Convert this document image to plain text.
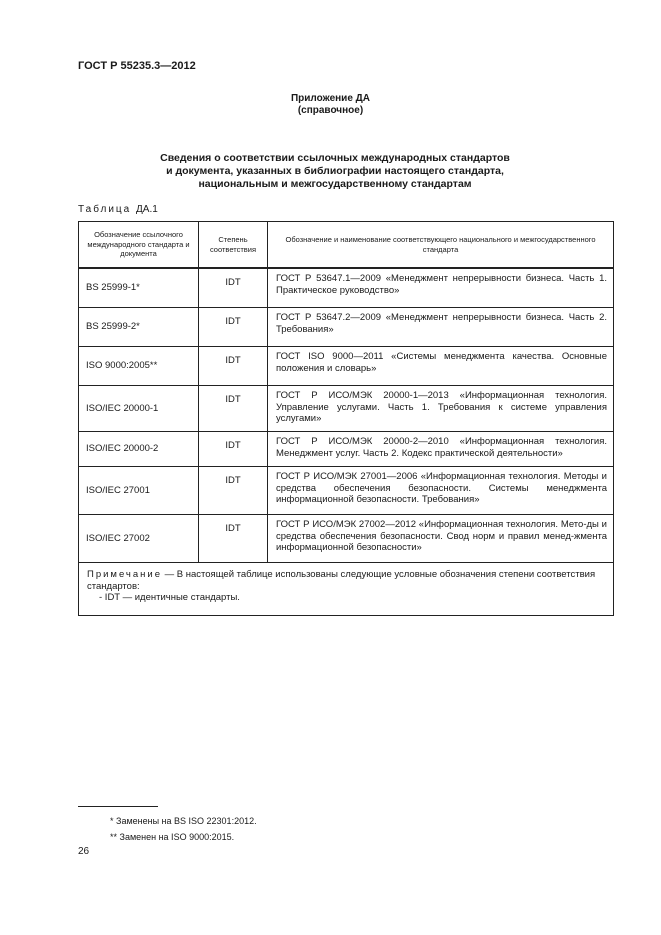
ГОСТ Р 55235.3—2012
Приложение ДА
(справочное)
Сведения о соответствии ссылочных международных стандартов
и документа, указанных в библиографии настоящего стандарта,
национальным и межгосударственному стандартам
Таблица ДА.1
Обозначение ссылочного международного стандарта и документа	Степень соответствия	Обозначение и наименование соответствующего национального и межгосударственного стандарта
BS 25999-1*	IDT	ГОСТ Р 53647.1—2009 «Менеджмент непрерывности бизнеса. Часть 1. Практическое руководство»
BS 25999-2*	IDT	ГОСТ Р 53647.2—2009 «Менеджмент непрерывности бизнеса. Часть 2. Требования»
ISO 9000:2005**	IDT	ГОСТ ISO 9000—2011 «Системы менеджмента качества. Основные положения и словарь»
ISO/IEC 20000-1	IDT	ГОСТ Р ИСО/МЭК 20000-1—2013 «Информационная технология. Управление услугами. Часть 1. Требования к системе управления услугами»
ISO/IEC 20000-2	IDT	ГОСТ Р ИСО/МЭК 20000-2—2010 «Информационная технология. Менеджмент услуг. Часть 2. Кодекс практической деятельности»
ISO/IEC 27001	IDT	ГОСТ Р ИСО/МЭК 27001—2006 «Информационная технология. Методы и средства обеспечения безопасности. Системы менеджмента информационной безопасности. Требования»
ISO/IEC 27002	IDT	ГОСТ Р ИСО/МЭК 27002—2012 «Информационная технология. Мето-ды и средства обеспечения безопасности. Свод норм и правил менед-жмента информационной безопасности»

Примечание — В настоящей таблице использованы следующие условные обозначения степени соответствия стандартов:
- IDT — идентичные стандарты.		
* Заменены на BS ISO 22301:2012.
** Заменен на ISO 9000:2015.
26
